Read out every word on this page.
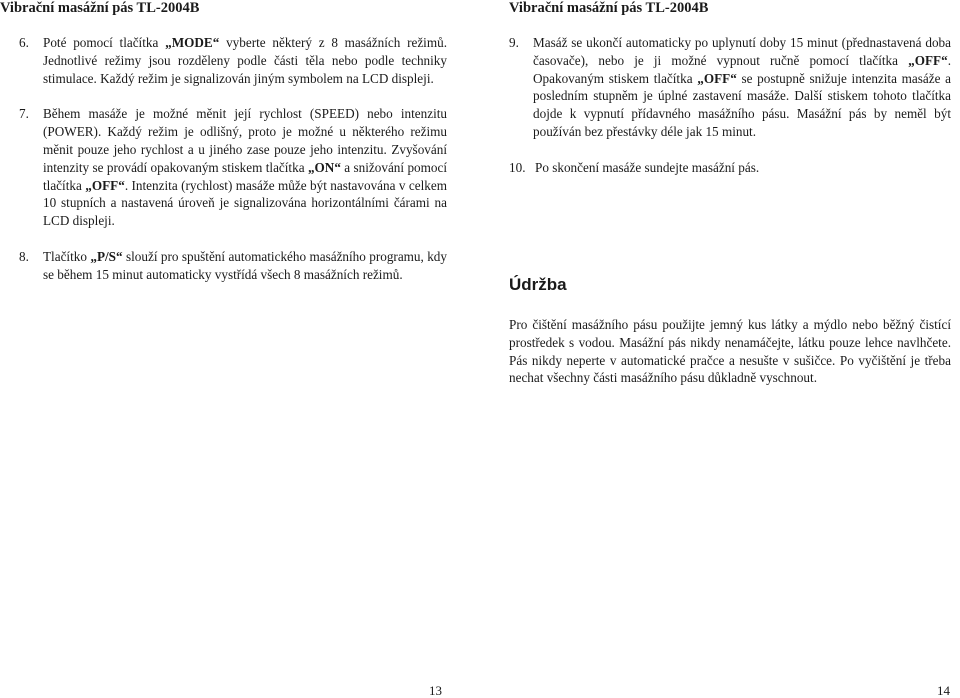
Vibrační masážní pás TL-2004B	Vibrační masážní pás TL-2004B
6.	Poté pomocí tlačítka „MODE“ vyberte některý z 8 masážních režimů. Jednotlivé režimy jsou rozděleny podle části těla nebo podle techniky stimulace. Každý režim je signalizován jiným symbolem na LCD displeji.
7.	Během masáže je možné měnit její rychlost (SPEED) nebo intenzitu (POWER). Každý režim je odlišný, proto je možné u některého režimu měnit pouze jeho rychlost a u jiného zase pouze jeho intenzitu. Zvyšování intenzity se provádí opakovaným stiskem tlačítka „ON“ a snižování pomocí tlačítka „OFF“. Intenzita (rychlost) masáže může být nastavována v celkem 10 stupních a nastavená úroveň je signalizována horizontálními čárami na LCD displeji.
8.	Tlačítko „P/S“ slouží pro spuštění automatického masážního programu, kdy se během 15 minut automaticky vystřídá všech 8 masážních režimů.
9.	Masáž se ukončí automaticky po uplynutí doby 15 minut (přednastavená doba časovače), nebo je ji možné vypnout ručně pomocí tlačítka „OFF“. Opakovaným stiskem tlačítka „OFF“ se postupně snižuje intenzita masáže a posledním stupněm je úplné zastavení masáže. Další stiskem tohoto tlačítka dojde k vypnutí přídavného masážního pásu. Masážní pás by neměl být používán bez přestávky déle jak 15 minut.
10. Po skončení masáže sundejte masážní pás.
Údržba

Pro čištění masážního pásu použijte jemný kus látky a mýdlo nebo běžný čistící prostředek s vodou. Masážní pás nikdy nenamáčejte, látku pouze lehce navlhčete. Pás nikdy neperte v automatické pračce a nesušte v sušičce. Po vyčištění je třeba nechat všechny části masážního pásu důkladně vyschnout.

13	14
